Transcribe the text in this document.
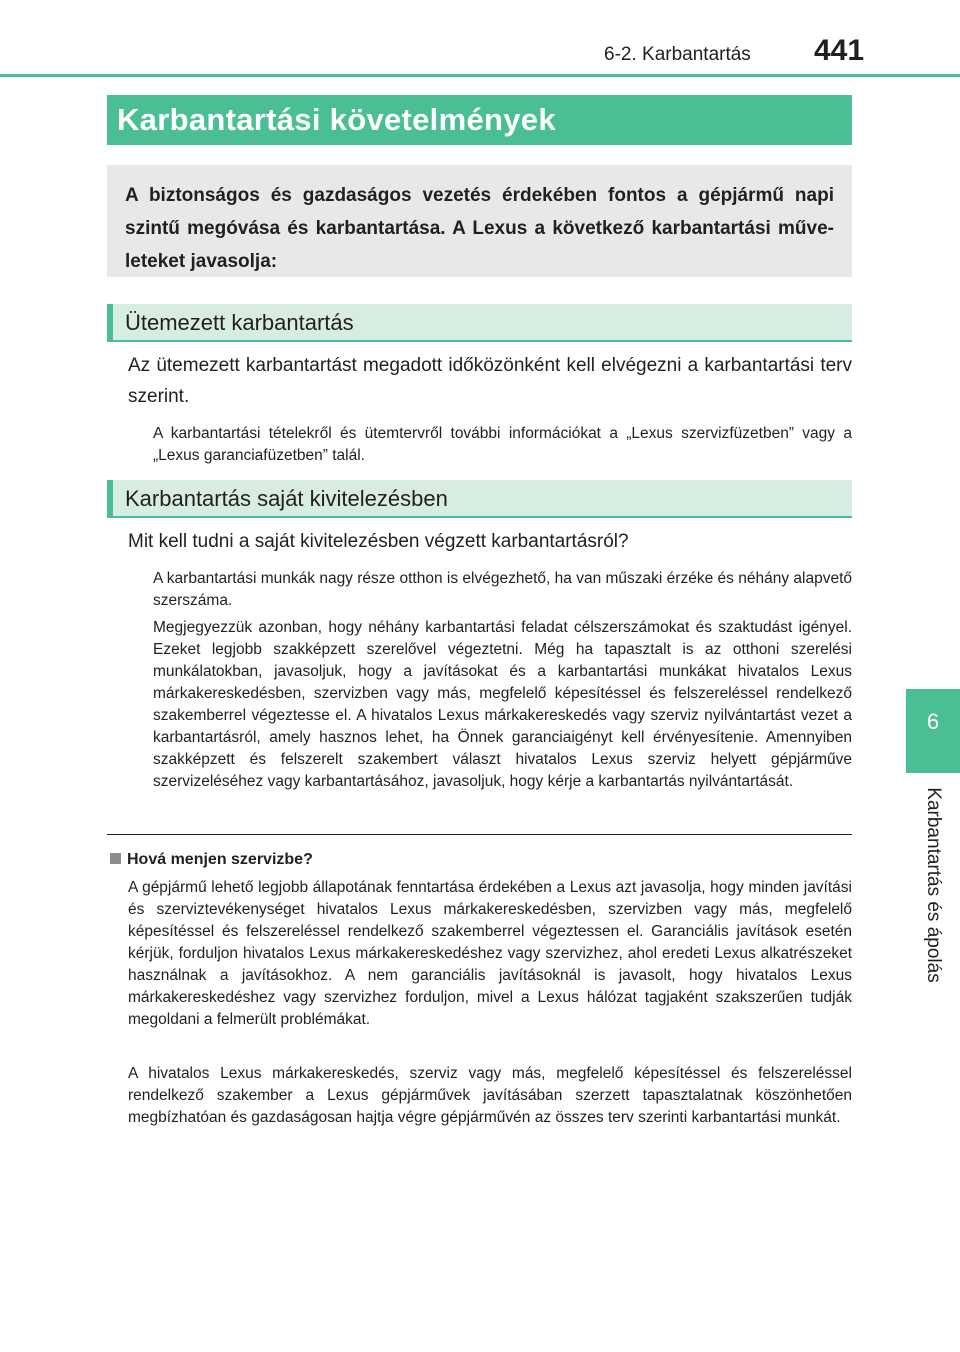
6-2. Karbantartás 441
6
Karbantartás és ápolás
Karbantartási követelmények
A biztonságos és gazdaságos vezetés érdekében fontos a gépjármű napi szintű megóvása és karbantartása. A Lexus a következő karbantartási műveleteket javasolja:
Ütemezett karbantartás
Az ütemezett karbantartást megadott időközönként kell elvégezni a karbantartási terv szerint.
A karbantartási tételekről és ütemtervről további információkat a „Lexus szervizfüzetben” vagy a „Lexus garanciafüzetben” talál.
Karbantartás saját kivitelezésben
Mit kell tudni a saját kivitelezésben végzett karbantartásról?
A karbantartási munkák nagy része otthon is elvégezhető, ha van műszaki érzéke és néhány alapvető szerszáma.
Megjegyezzük azonban, hogy néhány karbantartási feladat célszerszámokat és szaktudást igényel. Ezeket legjobb szakképzett szerelővel végeztetni. Még ha tapasztalt is az otthoni szerelési munkálatokban, javasoljuk, hogy a javításokat és a karbantartási munkákat hivatalos Lexus márkakereskedésben, szervizben vagy más, megfelelő képesítéssel és felszereléssel rendelkező szakemberrel végeztesse el. A hivatalos Lexus márkakereskedés vagy szerviz nyilvántartást vezet a karbantartásról, amely hasznos lehet, ha Önnek garanciaigényt kell érvényesítenie. Amennyiben szakképzett és felszerelt szakembert választ hivatalos Lexus szerviz helyett gépjárműve szervizeléséhez vagy karbantartásához, javasoljuk, hogy kérje a karbantartás nyilvántartását.
Hová menjen szervizbe?
A gépjármű lehető legjobb állapotának fenntartása érdekében a Lexus azt javasolja, hogy minden javítási és szerviztevékenységet hivatalos Lexus márkakereskedésben, szervizben vagy más, megfelelő képesítéssel és felszereléssel rendelkező szakemberrel végeztessen el. Garanciális javítások esetén kérjük, forduljon hivatalos Lexus márkakereskedéshez vagy szervizhez, ahol eredeti Lexus alkatrészeket használnak a javításokhoz. A nem garanciális javításoknál is javasolt, hogy hivatalos Lexus márkakereskedéshez vagy szervizhez forduljon, mivel a Lexus hálózat tagjaként szakszerűen tudják megoldani a felmerült problémákat.
A hivatalos Lexus márkakereskedés, szerviz vagy más, megfelelő képesítéssel és felszereléssel rendelkező szakember a Lexus gépjárművek javításában szerzett tapasztalatnak köszönhetően megbízhatóan és gazdaságosan hajtja végre gépjárművén az összes terv szerinti karbantartási munkát.
